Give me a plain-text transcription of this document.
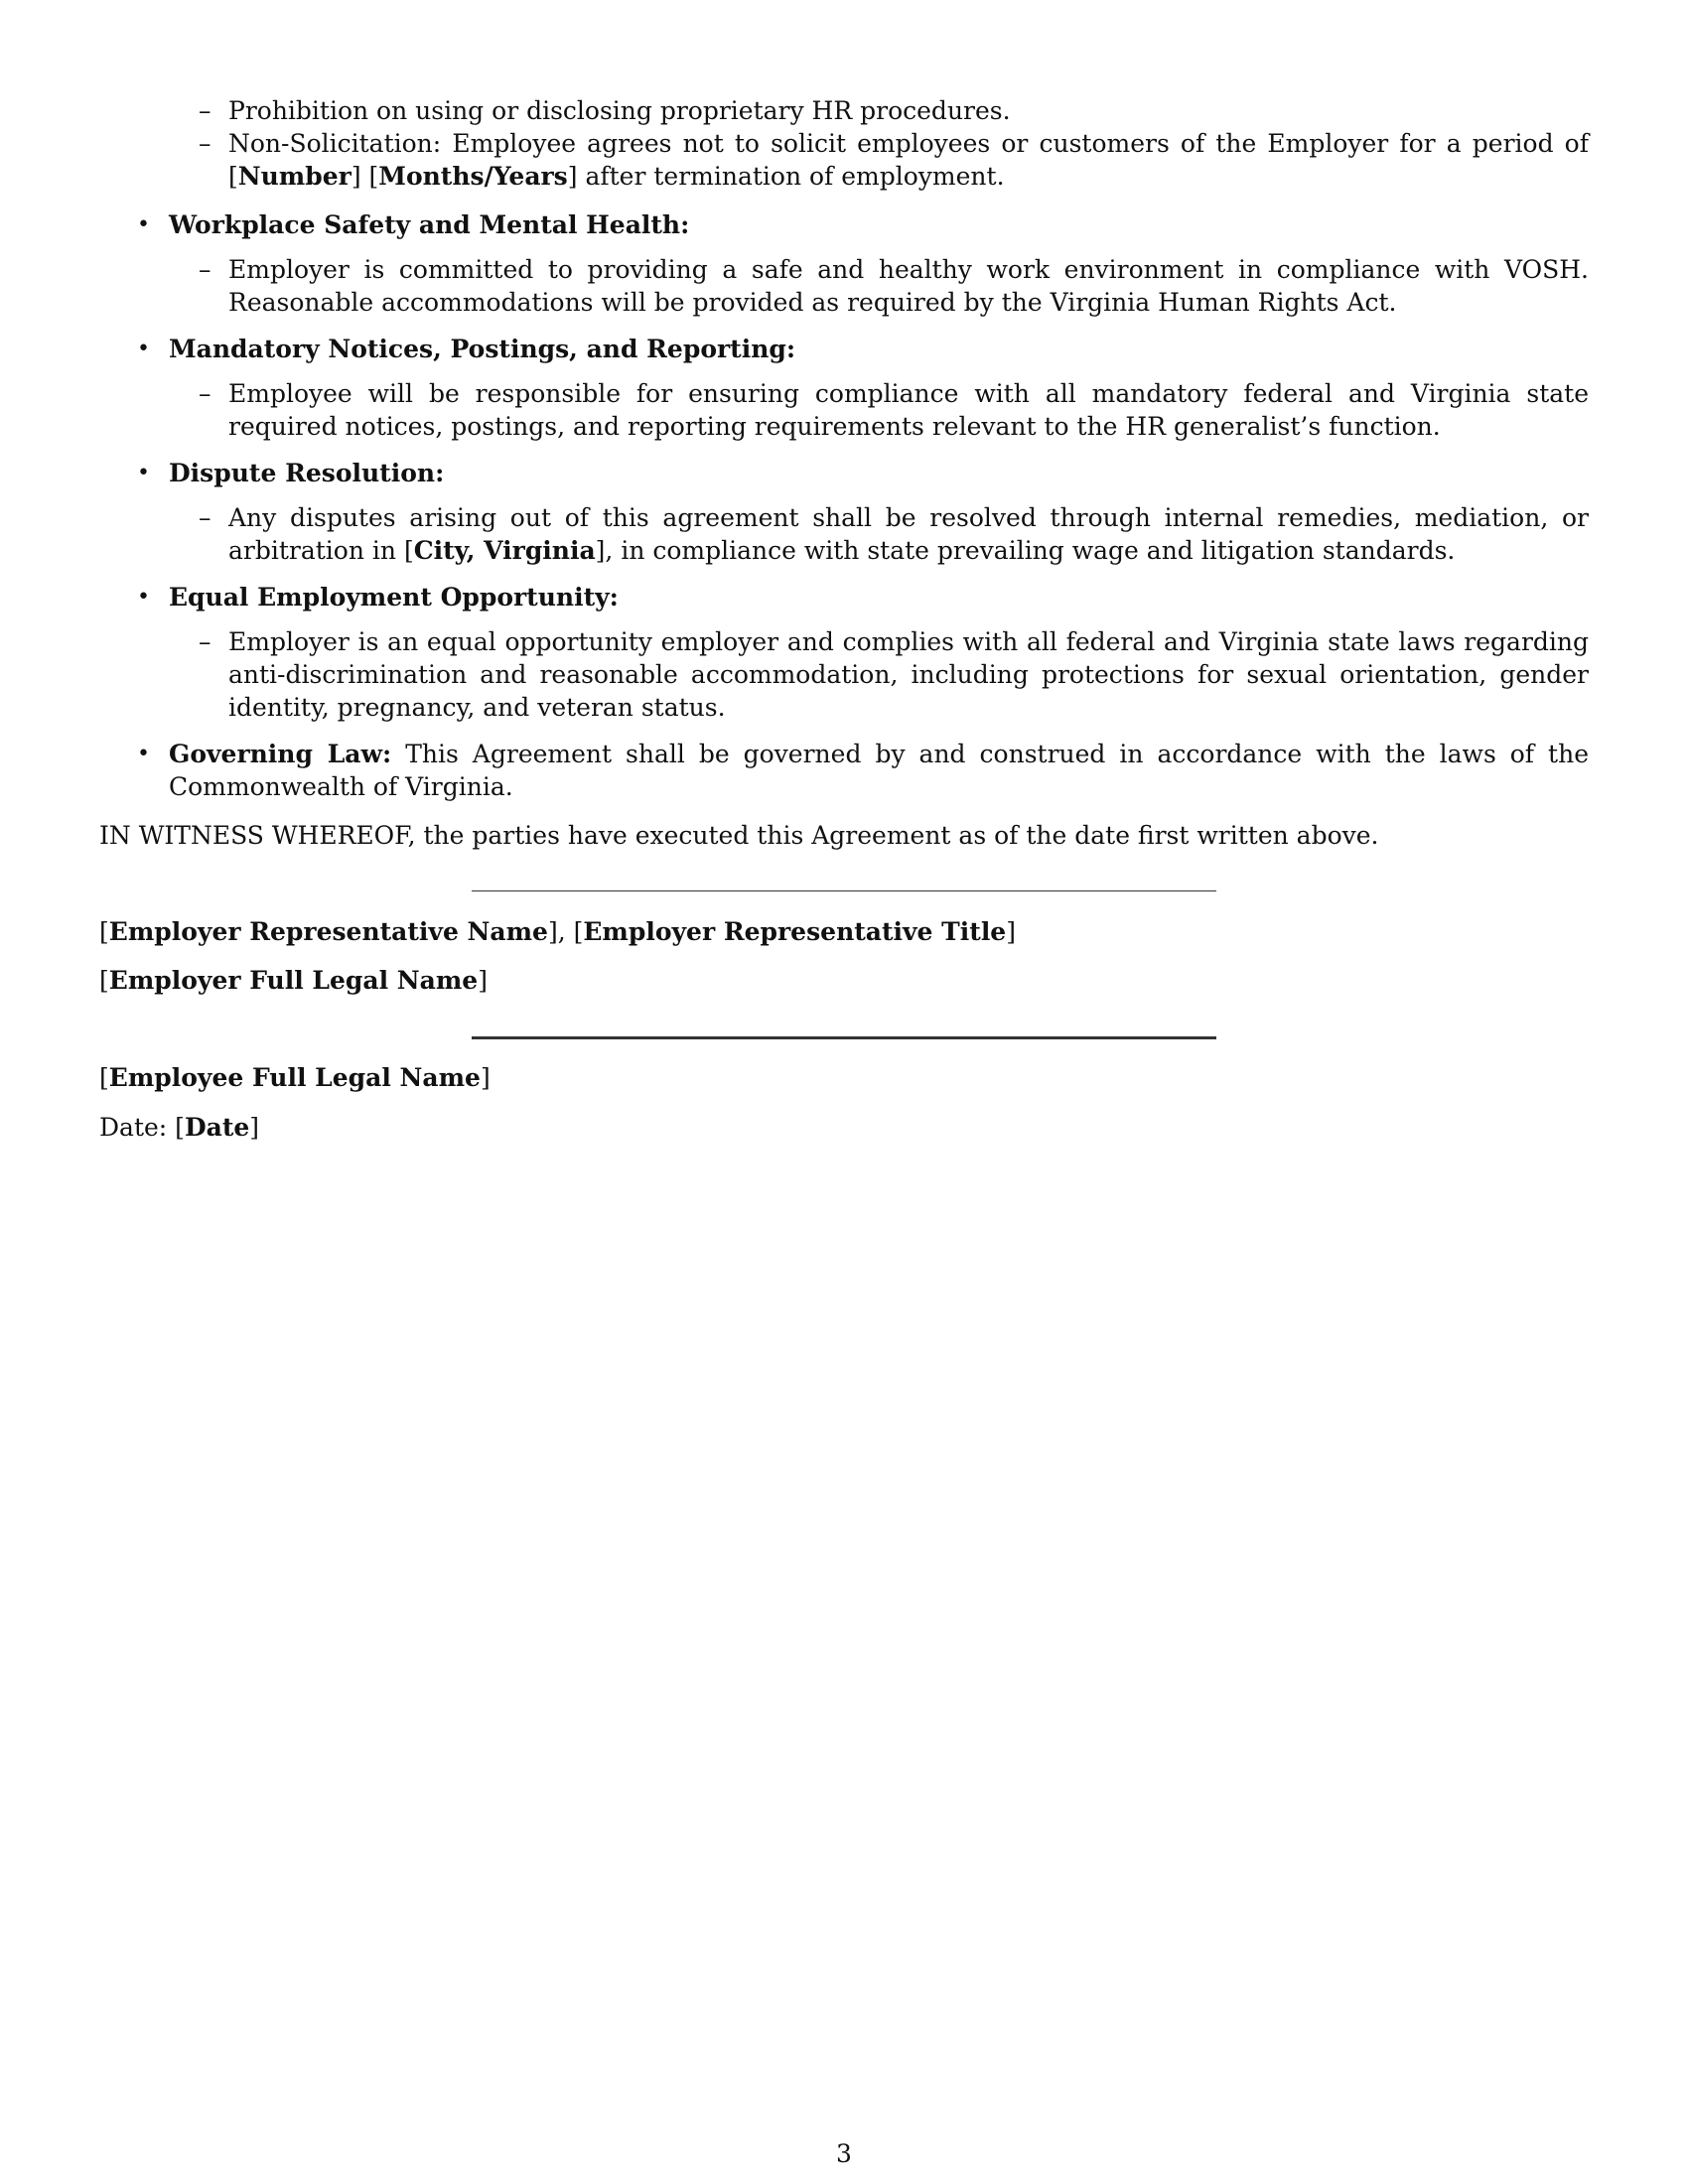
– Prohibition on using or disclosing proprietary HR procedures.
– Non-Solicitation: Employee agrees not to solicit employees or customers of the Employer for a period of [Number] [Months/Years] after termination of employment.
• Workplace Safety and Mental Health:
– Employer is committed to providing a safe and healthy work environment in compliance with VOSH. Reasonable accommodations will be provided as required by the Virginia Human Rights Act.
• Mandatory Notices, Postings, and Reporting:
– Employee will be responsible for ensuring compliance with all mandatory federal and Virginia state required notices, postings, and reporting requirements relevant to the HR generalist’s function.
• Dispute Resolution:
– Any disputes arising out of this agreement shall be resolved through internal remedies, mediation, or arbitration in [City, Virginia], in compliance with state prevailing wage and litigation standards.
• Equal Employment Opportunity:
– Employer is an equal opportunity employer and complies with all federal and Virginia state laws regarding anti-discrimination and reasonable accommodation, including protections for sexual orientation, gender identity, pregnancy, and veteran status.
• Governing Law: This Agreement shall be governed by and construed in accordance with the laws of the Commonwealth of Virginia.
IN WITNESS WHEREOF, the parties have executed this Agreement as of the date first written above.
[Employer Representative Name], [Employer Representative Title]
[Employer Full Legal Name]
[Employee Full Legal Name]
Date: [Date]
3
